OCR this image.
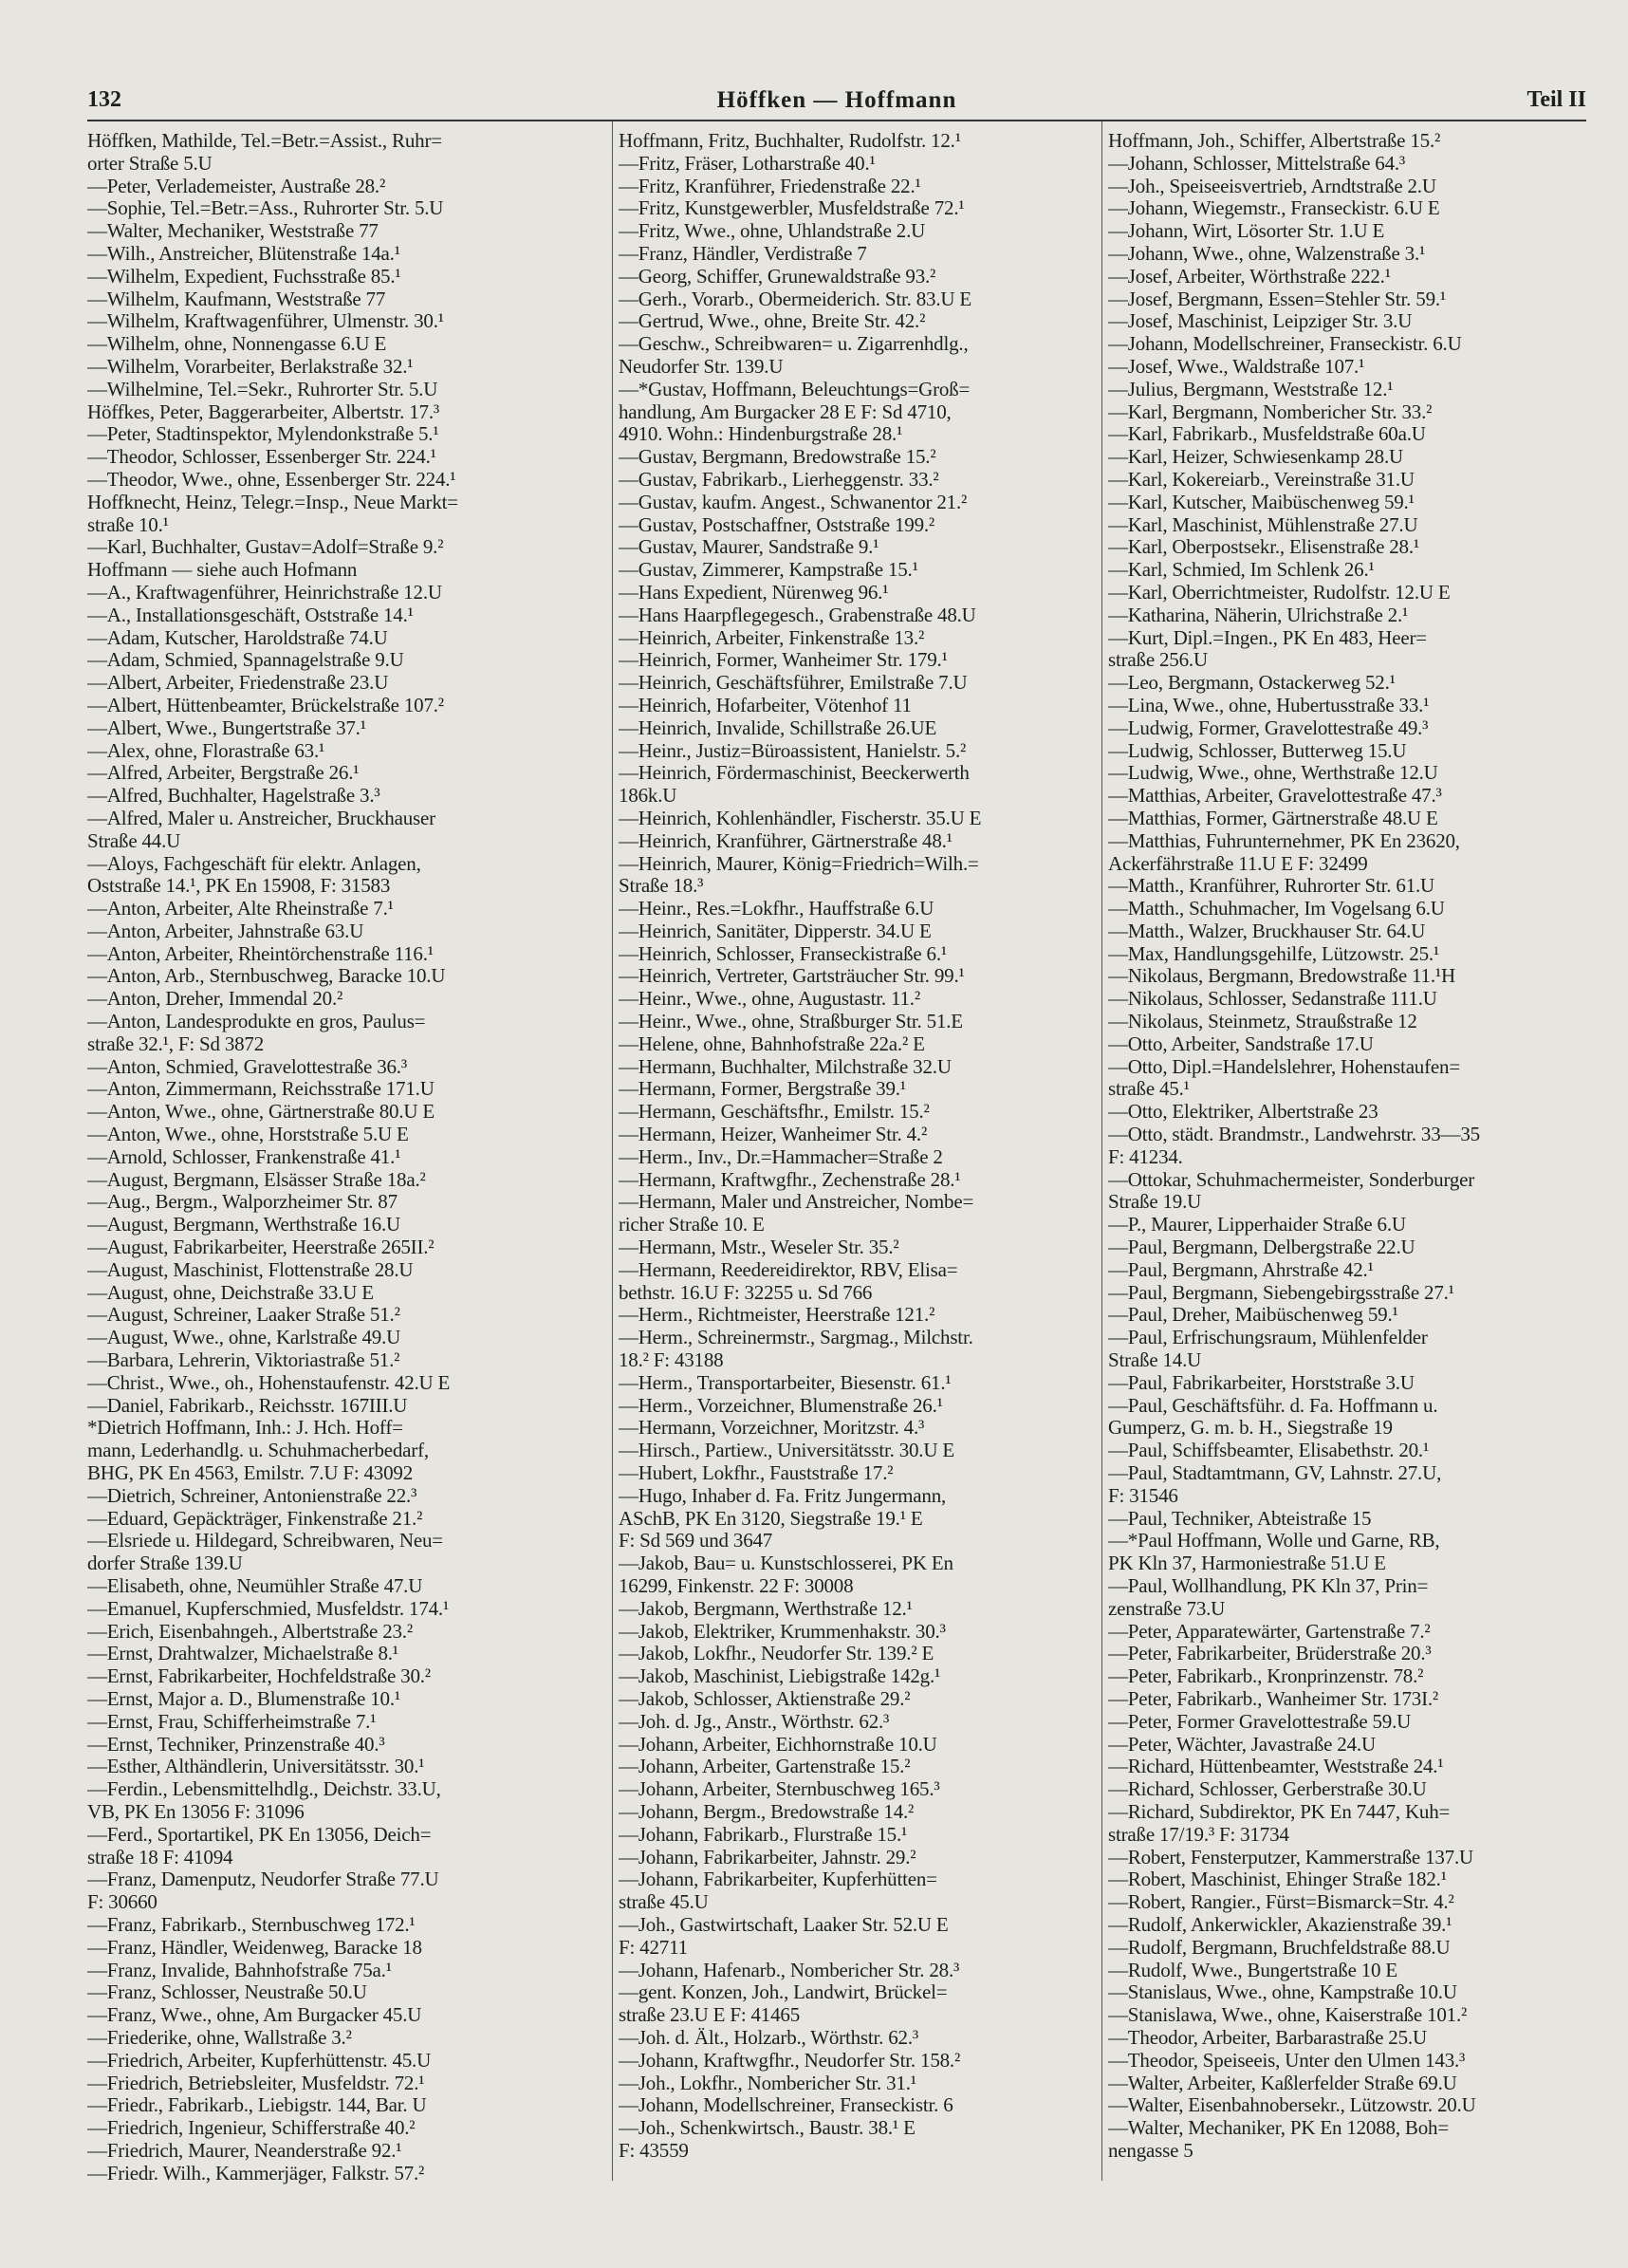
132	Höffken — Hoffmann	Teil II
Höffken, Mathilde, Tel.=Betr.=Assist., Ruhr=
orter Straße 5.U
—Peter, Verlademeister, Austraße 28.²
—Sophie, Tel.=Betr.=Ass., Ruhrorter Str. 5.U
—Walter, Mechaniker, Weststraße 77
—Wilh., Anstreicher, Blütenstraße 14a.¹
—Wilhelm, Expedient, Fuchsstraße 85.¹
—Wilhelm, Kaufmann, Weststraße 77
—Wilhelm, Kraftwagenführer, Ulmenstr. 30.¹
—Wilhelm, ohne, Nonnengasse 6.U E
—Wilhelm, Vorarbeiter, Berlakstraße 32.¹
—Wilhelmine, Tel.=Sekr., Ruhrorter Str. 5.U
Höffkes, Peter, Baggerarbeiter, Albertstr. 17.³
—Peter, Stadtinspektor, Mylendonkstraße 5.¹
—Theodor, Schlosser, Essenberger Str. 224.¹
—Theodor, Wwe., ohne, Essenberger Str. 224.¹
Hoffknecht, Heinz, Telegr.=Insp., Neue Markt=
straße 10.¹
—Karl, Buchhalter, Gustav=Adolf=Straße 9.²
Hoffmann — siehe auch Hofmann
—A., Kraftwagenführer, Heinrichstraße 12.U
—A., Installationsgeschäft, Oststraße 14.¹
—Adam, Kutscher, Haroldstraße 74.U
—Adam, Schmied, Spannagelstraße 9.U
—Albert, Arbeiter, Friedenstraße 23.U
—Albert, Hüttenbeamter, Brückelstraße 107.²
—Albert, Wwe., Bungertstraße 37.¹
—Alex, ohne, Florastraße 63.¹
—Alfred, Arbeiter, Bergstraße 26.¹
—Alfred, Buchhalter, Hagelstraße 3.³
—Alfred, Maler u. Anstreicher, Bruckhauser
Straße 44.U
—Aloys, Fachgeschäft für elektr. Anlagen,
Oststraße 14.¹, PK En 15908, F: 31583
—Anton, Arbeiter, Alte Rheinstraße 7.¹
—Anton, Arbeiter, Jahnstraße 63.U
—Anton, Arbeiter, Rheintörchenstraße 116.¹
—Anton, Arb., Sternbuschweg, Baracke 10.U
—Anton, Dreher, Immendal 20.²
—Anton, Landesprodukte en gros, Paulus=
straße 32.¹, F: Sd 3872
—Anton, Schmied, Gravelottestraße 36.³
—Anton, Zimmermann, Reichsstraße 171.U
—Anton, Wwe., ohne, Gärtnerstraße 80.U E
—Anton, Wwe., ohne, Horststraße 5.U E
—Arnold, Schlosser, Frankenstraße 41.¹
—August, Bergmann, Elsässer Straße 18a.²
—Aug., Bergm., Walporzheimer Str. 87
—August, Bergmann, Werthstraße 16.U
—August, Fabrikarbeiter, Heerstraße 265II.²
—August, Maschinist, Flottenstraße 28.U
—August, ohne, Deichstraße 33.U E
—August, Schreiner, Laaker Straße 51.²
—August, Wwe., ohne, Karlstraße 49.U
—Barbara, Lehrerin, Viktoriastraße 51.²
—Christ., Wwe., oh., Hohenstaufenstr. 42.U E
—Daniel, Fabrikarb., Reichsstr. 167III.U
*Dietrich Hoffmann, Inh.: J. Hch. Hoff=
mann, Lederhandlg. u. Schuhmacherbedarf,
BHG, PK En 4563, Emilstr. 7.U F: 43092
—Dietrich, Schreiner, Antonienstraße 22.³
—Eduard, Gepäckträger, Finkenstraße 21.²
—Elsriede u. Hildegard, Schreibwaren, Neu=
dorfer Straße 139.U
—Elisabeth, ohne, Neumühler Straße 47.U
—Emanuel, Kupferschmied, Musfeldstr. 174.¹
—Erich, Eisenbahngeh., Albertstraße 23.²
—Ernst, Drahtwalzer, Michaelstraße 8.¹
—Ernst, Fabrikarbeiter, Hochfeldstraße 30.²
—Ernst, Major a. D., Blumenstraße 10.¹
—Ernst, Frau, Schifferheimstraße 7.¹
—Ernst, Techniker, Prinzenstraße 40.³
—Esther, Althändlerin, Universitätsstr. 30.¹
—Ferdin., Lebensmittelhdlg., Deichstr. 33.U,
VB, PK En 13056 F: 31096
—Ferd., Sportartikel, PK En 13056, Deich=
straße 18 F: 41094
—Franz, Damenputz, Neudorfer Straße 77.U
F: 30660
—Franz, Fabrikarb., Sternbuschweg 172.¹
—Franz, Händler, Weidenweg, Baracke 18
—Franz, Invalide, Bahnhofstraße 75a.¹
—Franz, Schlosser, Neustraße 50.U
—Franz, Wwe., ohne, Am Burgacker 45.U
—Friederike, ohne, Wallstraße 3.²
—Friedrich, Arbeiter, Kupferhüttenstr. 45.U
—Friedrich, Betriebsleiter, Musfeldstr. 72.¹
—Friedr., Fabrikarb., Liebigstr. 144, Bar. U
—Friedrich, Ingenieur, Schifferstraße 40.²
—Friedrich, Maurer, Neanderstraße 92.¹
—Friedr. Wilh., Kammerjäger, Falkstr. 57.²
Hoffmann, Fritz, Buchhalter, Rudolfstr. 12.¹
—Fritz, Fräser, Lotharstraße 40.¹
—Fritz, Kranführer, Friedenstraße 22.¹
—Fritz, Kunstgewerbler, Musfeldstraße 72.¹
—Fritz, Wwe., ohne, Uhlandstraße 2.U
—Franz, Händler, Verdistraße 7
—Georg, Schiffer, Grunewaldstraße 93.²
—Gerh., Vorarb., Obermeiderich. Str. 83.U E
—Gertrud, Wwe., ohne, Breite Str. 42.²
—Geschw., Schreibwaren= u. Zigarrenhdlg.,
Neudorfer Str. 139.U
—*Gustav, Hoffmann, Beleuchtungs=Groß=
handlung, Am Burgacker 28 E F: Sd 4710,
4910. Wohn.: Hindenburgstraße 28.¹
—Gustav, Bergmann, Bredowstraße 15.²
—Gustav, Fabrikarb., Lierheggenstr. 33.²
—Gustav, kaufm. Angest., Schwanentor 21.²
—Gustav, Postschaffner, Oststraße 199.²
—Gustav, Maurer, Sandstraße 9.¹
—Gustav, Zimmerer, Kampstraße 15.¹
—Hans Expedient, Nürenweg 96.¹
—Hans Haarpflegegesch., Grabenstraße 48.U
—Heinrich, Arbeiter, Finkenstraße 13.²
—Heinrich, Former, Wanheimer Str. 179.¹
—Heinrich, Geschäftsführer, Emilstraße 7.U
—Heinrich, Hofarbeiter, Vötenhof 11
—Heinrich, Invalide, Schillstraße 26.UE
—Heinr., Justiz=Büroassistent, Hanielstr. 5.²
—Heinrich, Fördermaschinist, Beeckerwerth
186k.U
—Heinrich, Kohlenhändler, Fischerstr. 35.U E
—Heinrich, Kranführer, Gärtnerstraße 48.¹
—Heinrich, Maurer, König=Friedrich=Wilh.=
Straße 18.³
—Heinr., Res.=Lokfhr., Hauffstraße 6.U
—Heinrich, Sanitäter, Dipperstr. 34.U E
—Heinrich, Schlosser, Franseckistraße 6.¹
—Heinrich, Vertreter, Gartsträucher Str. 99.¹
—Heinr., Wwe., ohne, Augustastr. 11.²
—Heinr., Wwe., ohne, Straßburger Str. 51.E
—Helene, ohne, Bahnhofstraße 22a.² E
—Hermann, Buchhalter, Milchstraße 32.U
—Hermann, Former, Bergstraße 39.¹
—Hermann, Geschäftsfhr., Emilstr. 15.²
—Hermann, Heizer, Wanheimer Str. 4.²
—Herm., Inv., Dr.=Hammacher=Straße 2
—Hermann, Kraftwgfhr., Zechenstraße 28.¹
—Hermann, Maler und Anstreicher, Nombe=
richer Straße 10. E
—Hermann, Mstr., Weseler Str. 35.²
—Hermann, Reedereidirektor, RBV, Elisa=
bethstr. 16.U F: 32255 u. Sd 766
—Herm., Richtmeister, Heerstraße 121.²
—Herm., Schreinermstr., Sargmag., Milchstr.
18.² F: 43188
—Herm., Transportarbeiter, Biesenstr. 61.¹
—Herm., Vorzeichner, Blumenstraße 26.¹
—Hermann, Vorzeichner, Moritzstr. 4.³
—Hirsch., Partiew., Universitätsstr. 30.U E
—Hubert, Lokfhr., Fauststraße 17.²
—Hugo, Inhaber d. Fa. Fritz Jungermann,
ASchB, PK En 3120, Siegstraße 19.¹ E
F: Sd 569 und 3647
—Jakob, Bau= u. Kunstschlosserei, PK En
16299, Finkenstr. 22 F: 30008
—Jakob, Bergmann, Werthstraße 12.¹
—Jakob, Elektriker, Krummenhakstr. 30.³
—Jakob, Lokfhr., Neudorfer Str. 139.² E
—Jakob, Maschinist, Liebigstraße 142g.¹
—Jakob, Schlosser, Aktienstraße 29.²
—Joh. d. Jg., Anstr., Wörthstr. 62.³
—Johann, Arbeiter, Eichhornstraße 10.U
—Johann, Arbeiter, Gartenstraße 15.²
—Johann, Arbeiter, Sternbuschweg 165.³
—Johann, Bergm., Bredowstraße 14.²
—Johann, Fabrikarb., Flurstraße 15.¹
—Johann, Fabrikarbeiter, Jahnstr. 29.²
—Johann, Fabrikarbeiter, Kupferhütten=
straße 45.U
—Joh., Gastwirtschaft, Laaker Str. 52.U E
F: 42711
—Johann, Hafenarb., Nombericher Str. 28.³
—gent. Konzen, Joh., Landwirt, Brückel=
straße 23.U E F: 41465
—Joh. d. Ält., Holzarb., Wörthstr. 62.³
—Johann, Kraftwgfhr., Neudorfer Str. 158.²
—Joh., Lokfhr., Nombericher Str. 31.¹
—Johann, Modellschreiner, Franseckistr. 6
—Joh., Schenkwirtsch., Baustr. 38.¹ E
F: 43559
Hoffmann, Joh., Schiffer, Albertstraße 15.²
—Johann, Schlosser, Mittelstraße 64.³
—Joh., Speiseeisvertrieb, Arndtstraße 2.U
—Johann, Wiegemstr., Franseckistr. 6.U E
—Johann, Wirt, Lösorter Str. 1.U E
—Johann, Wwe., ohne, Walzenstraße 3.¹
—Josef, Arbeiter, Wörthstraße 222.¹
—Josef, Bergmann, Essen=Stehler Str. 59.¹
—Josef, Maschinist, Leipziger Str. 3.U
—Johann, Modellschreiner, Franseckistr. 6.U
—Josef, Wwe., Waldstraße 107.¹
—Julius, Bergmann, Weststraße 12.¹
—Karl, Bergmann, Nombericher Str. 33.²
—Karl, Fabrikarb., Musfeldstraße 60a.U
—Karl, Heizer, Schwiesenkamp 28.U
—Karl, Kokereiarb., Vereinstraße 31.U
—Karl, Kutscher, Maibüschenweg 59.¹
—Karl, Maschinist, Mühlenstraße 27.U
—Karl, Oberpostsekr., Elisenstraße 28.¹
—Karl, Schmied, Im Schlenk 26.¹
—Karl, Oberrichtmeister, Rudolfstr. 12.U E
—Katharina, Näherin, Ulrichstraße 2.¹
—Kurt, Dipl.=Ingen., PK En 483, Heer=
straße 256.U
—Leo, Bergmann, Ostackerweg 52.¹
—Lina, Wwe., ohne, Hubertusstraße 33.¹
—Ludwig, Former, Gravelottestraße 49.³
—Ludwig, Schlosser, Butterweg 15.U
—Ludwig, Wwe., ohne, Werthstraße 12.U
—Matthias, Arbeiter, Gravelottestraße 47.³
—Matthias, Former, Gärtnerstraße 48.U E
—Matthias, Fuhrunternehmer, PK En 23620,
Ackerfährstraße 11.U E F: 32499
—Matth., Kranführer, Ruhrorter Str. 61.U
—Matth., Schuhmacher, Im Vogelsang 6.U
—Matth., Walzer, Bruckhauser Str. 64.U
—Max, Handlungsgehilfe, Lützowstr. 25.¹
—Nikolaus, Bergmann, Bredowstraße 11.¹H
—Nikolaus, Schlosser, Sedanstraße 111.U
—Nikolaus, Steinmetz, Straußstraße 12
—Otto, Arbeiter, Sandstraße 17.U
—Otto, Dipl.=Handelslehrer, Hohenstaufen=
straße 45.¹
—Otto, Elektriker, Albertstraße 23
—Otto, städt. Brandmstr., Landwehrstr. 33—35
F: 41234.
—Ottokar, Schuhmachermeister, Sonderburger
Straße 19.U
—P., Maurer, Lipperhaider Straße 6.U
—Paul, Bergmann, Delbergstraße 22.U
—Paul, Bergmann, Ahrstraße 42.¹
—Paul, Bergmann, Siebengebirgsstraße 27.¹
—Paul, Dreher, Maibüschenweg 59.¹
—Paul, Erfrischungsraum, Mühlenfelder
Straße 14.U
—Paul, Fabrikarbeiter, Horststraße 3.U
—Paul, Geschäftsführ. d. Fa. Hoffmann u.
Gumperz, G. m. b. H., Siegstraße 19
—Paul, Schiffsbeamter, Elisabethstr. 20.¹
—Paul, Stadtamtmann, GV, Lahnstr. 27.U,
F: 31546
—Paul, Techniker, Abteistraße 15
—*Paul Hoffmann, Wolle und Garne, RB,
PK Kln 37, Harmoniestraße 51.U E
—Paul, Wollhandlung, PK Kln 37, Prin=
zenstraße 73.U
—Peter, Apparatewärter, Gartenstraße 7.²
—Peter, Fabrikarbeiter, Brüderstraße 20.³
—Peter, Fabrikarb., Kronprinzenstr. 78.²
—Peter, Fabrikarb., Wanheimer Str. 173I.²
—Peter, Former Gravelottestraße 59.U
—Peter, Wächter, Javastraße 24.U
—Richard, Hüttenbeamter, Weststraße 24.¹
—Richard, Schlosser, Gerberstraße 30.U
—Richard, Subdirektor, PK En 7447, Kuh=
straße 17/19.³ F: 31734
—Robert, Fensterputzer, Kammerstraße 137.U
—Robert, Maschinist, Ehinger Straße 182.¹
—Robert, Rangier., Fürst=Bismarck=Str. 4.²
—Rudolf, Ankerwickler, Akazienstraße 39.¹
—Rudolf, Bergmann, Bruchfeldstraße 88.U
—Rudolf, Wwe., Bungertstraße 10 E
—Stanislaus, Wwe., ohne, Kampstraße 10.U
—Stanislawa, Wwe., ohne, Kaiserstraße 101.²
—Theodor, Arbeiter, Barbarastraße 25.U
—Theodor, Speiseeis, Unter den Ulmen 143.³
—Walter, Arbeiter, Kaßlerfelder Straße 69.U
—Walter, Eisenbahnobersekr., Lützowstr. 20.U
—Walter, Mechaniker, PK En 12088, Boh=
nengasse 5
